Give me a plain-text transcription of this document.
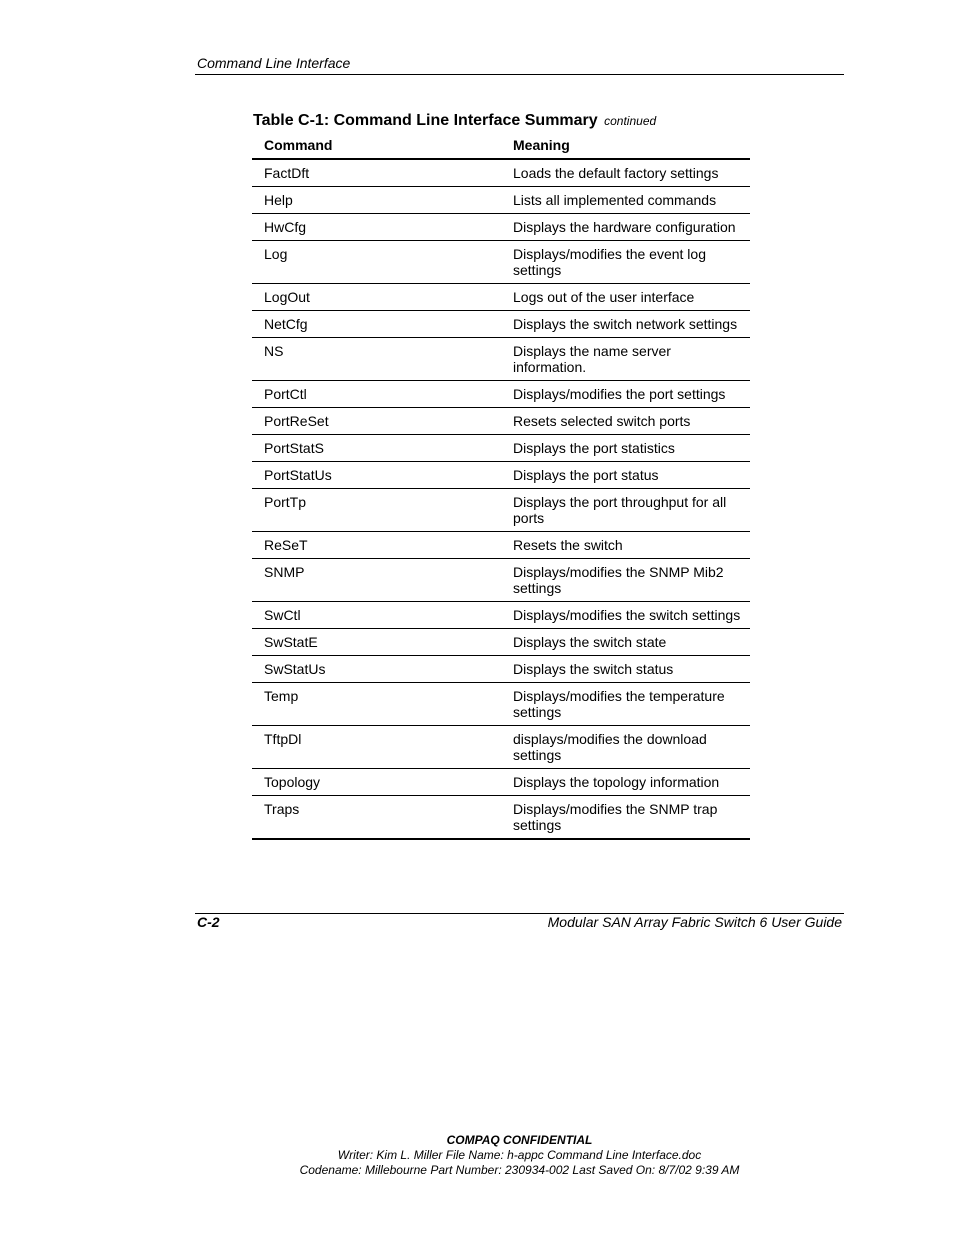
Command Line Interface
Table C-1: Command Line Interface Summary continued
Command	Meaning
FactDft	Loads the default factory settings
Help	Lists all implemented commands
HwCfg	Displays the hardware configuration
Log	Displays/modifies the event log settings
LogOut	Logs out of the user interface
NetCfg	Displays the switch network settings
NS	Displays the name server information.
PortCtl	Displays/modifies the port settings
PortReSet	Resets selected switch ports
PortStatS	Displays the port statistics
PortStatUs	Displays the port status
PortTp	Displays the port throughput for all ports
ReSeT	Resets the switch
SNMP	Displays/modifies the SNMP Mib2 settings
SwCtl	Displays/modifies the switch settings
SwStatE	Displays the switch state
SwStatUs	Displays the switch status
Temp	Displays/modifies the temperature settings
TftpDl	displays/modifies the download settings
Topology	Displays the topology information
Traps	Displays/modifies the SNMP trap settings
C-2	Modular SAN Array Fabric Switch 6 User Guide
COMPAQ CONFIDENTIAL
Writer: Kim L. Miller File Name: h-appc Command Line Interface.doc
Codename: Millebourne Part Number: 230934-002 Last Saved On: 8/7/02 9:39 AM
